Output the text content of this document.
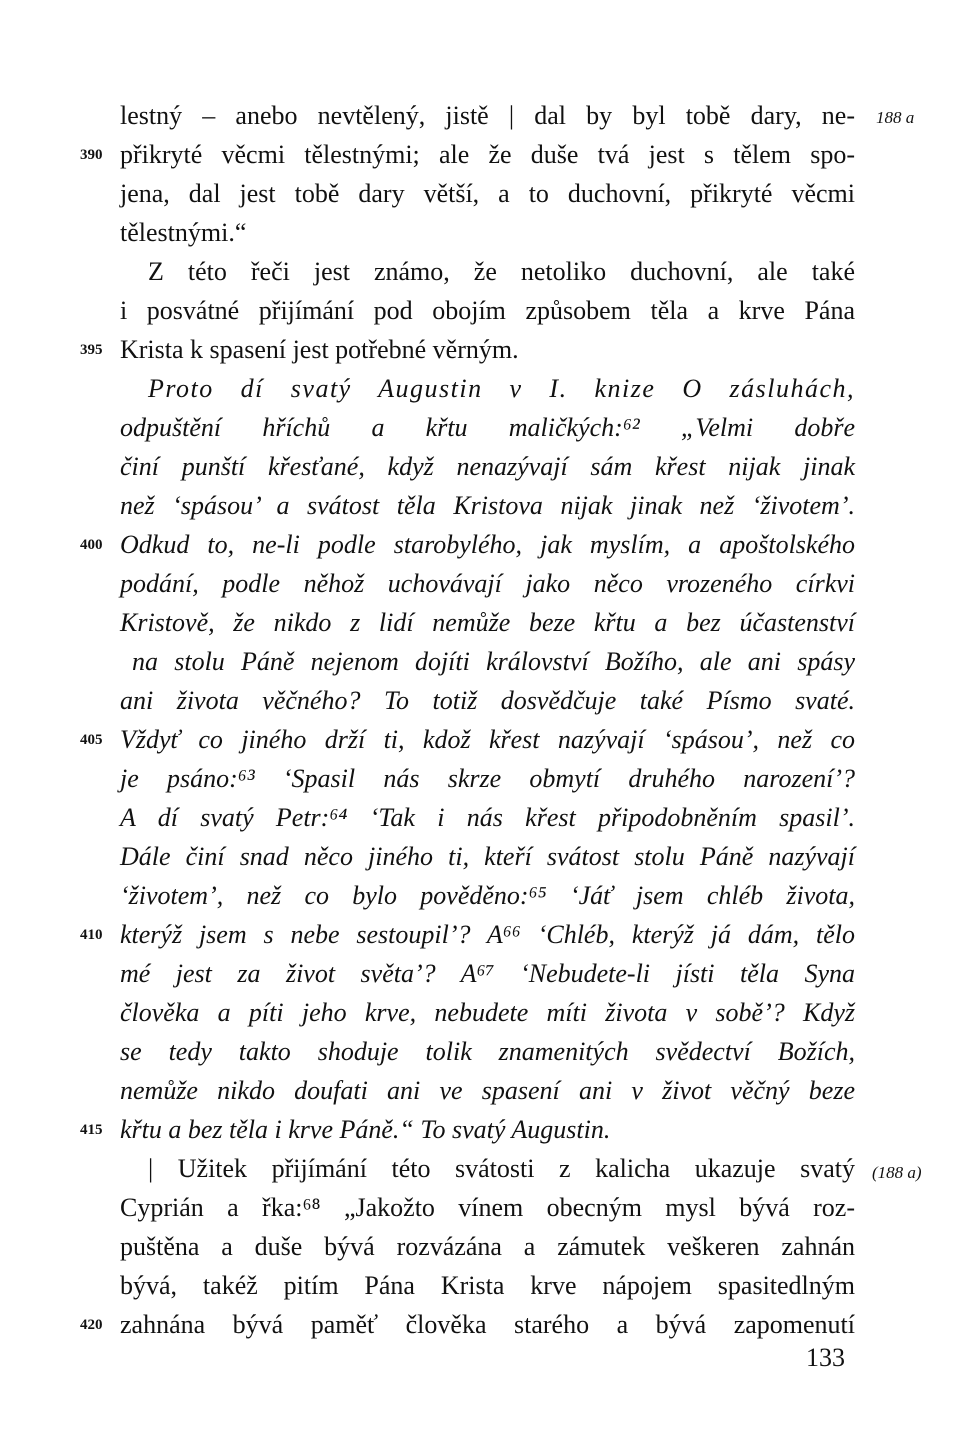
lestný – anebo nevtělený, jistě | dal by byl tobě dary, ne-
přikryté věcmi tělestnými; ale že duše tvá jest s tělem spo-
jena, dal jest tobě dary větší, a to duchovní, přikryté věcmi
tělestnými.“
Z této řeči jest známo, že netoliko duchovní, ale také
i posvátné přijímání pod obojím způsobem těla a krve Pána
Krista k spasení jest potřebné věrným.
Proto dí svatý Augustin v I. knize O zásluhách,
odpuštění hříchů a křtu maličkých:⁶² „Velmi dobře
činí punští křesťané, když nenazývají sám křest nijak jinak
než ‘spásou’ a svátost těla Kristova nijak jinak než ‘životem’.
Odkud to, ne-li podle starobylého, jak myslím, a apoštolského
podání, podle něhož uchovávají jako něco vrozeného církvi
Kristově, že nikdo z lidí nemůže beze křtu a bez účastenství
na stolu Páně nejenom dojíti království Božího, ale ani spásy
ani života věčného? To totiž dosvědčuje také Písmo svaté.
Vždyť co jiného drží ti, kdož křest nazývají ‘spásou’, než co
je psáno:⁶³ ‘Spasil nás skrze obmytí druhého narození’?
A dí svatý Petr:⁶⁴ ‘Tak i nás křest připodobněním spasil’.
Dále činí snad něco jiného ti, kteří svátost stolu Páně nazývají
‘životem’, než co bylo pověděno:⁶⁵ ‘Jáť jsem chléb života,
kterýž jsem s nebe sestoupil’? A⁶⁶ ‘Chléb, kterýž já dám, tělo
mé jest za život světa’? A⁶⁷ ‘Nebudete-li jísti těla Syna
člověka a píti jeho krve, nebudete míti života v sobě’? Když
se tedy takto shoduje tolik znamenitých svědectví Božích,
nemůže nikdo doufati ani ve spasení ani v život věčný beze
křtu a bez těla i krve Páně.“ To svatý Augustin.
| Užitek přijímání této svátosti z kalicha ukazuje svatý
Cyprián a řka:⁶⁸ „Jakožto vínem obecným mysl bývá roz-
puštěna a duše bývá rozvázána a zámutek veškeren zahnán
bývá, takéž pitím Pána Krista krve nápojem spasitedlným
zahnána bývá paměť člověka starého a bývá zapomenutí
390
395
400
405
410
415
420
188 a
(188 a)
133
